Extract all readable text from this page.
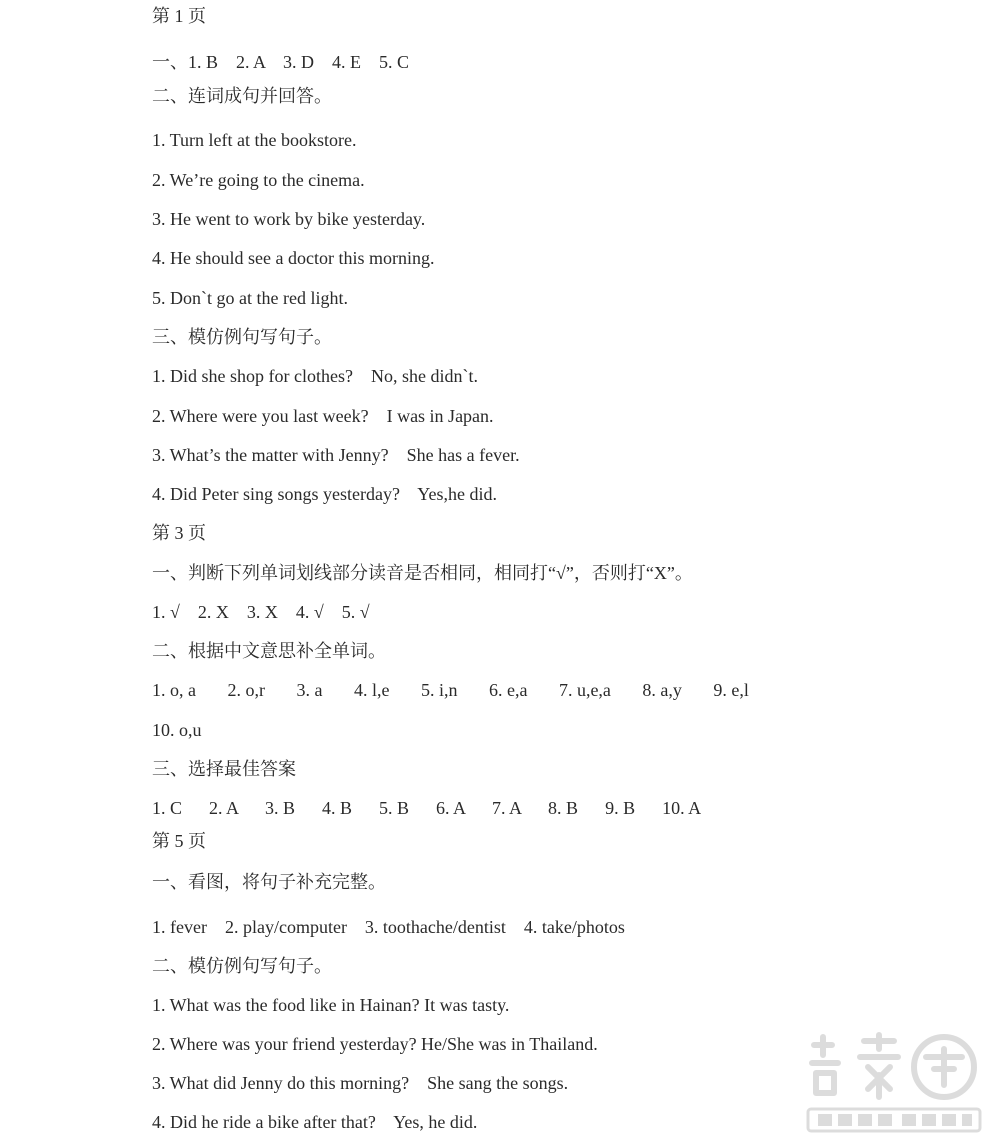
第 1 页
一、1. B    2. A    3. D    4. E    5. C
二、连词成句并回答。
1. Turn left at the bookstore.
2. We’re going to the cinema.
3. He went to work by bike yesterday.
4. He should see a doctor this morning.
5. Don`t go at the red light.
三、模仿例句写句子。
1. Did she shop for clothes?    No, she didn`t.
2. Where were you last week?    I was in Japan.
3. What’s the matter with Jenny?    She has a fever.
4. Did Peter sing songs yesterday?    Yes,he did.
第 3 页
一、判断下列单词划线部分读音是否相同，相同打“√”，否则打“X”。
1. √    2. X    3. X    4. √    5. √
二、根据中文意思补全单词。
1. o, a       2. o,r       3. a       4. l,e       5. i,n       6. e,a       7. u,e,a       8. a,y       9. e,l
10. o,u
三、选择最佳答案
1. C      2. A      3. B      4. B      5. B      6. A      7. A      8. B      9. B      10. A
第 5 页
一、看图，将句子补充完整。
1. fever    2. play/computer    3. toothache/dentist    4. take/photos
二、模仿例句写句子。
1. What was the food like in Hainan? It was tasty.
2. Where was your friend yesterday? He/She was in Thailand.
3. What did Jenny do this morning?    She sang the songs.
4. Did he ride a bike after that?    Yes, he did.
